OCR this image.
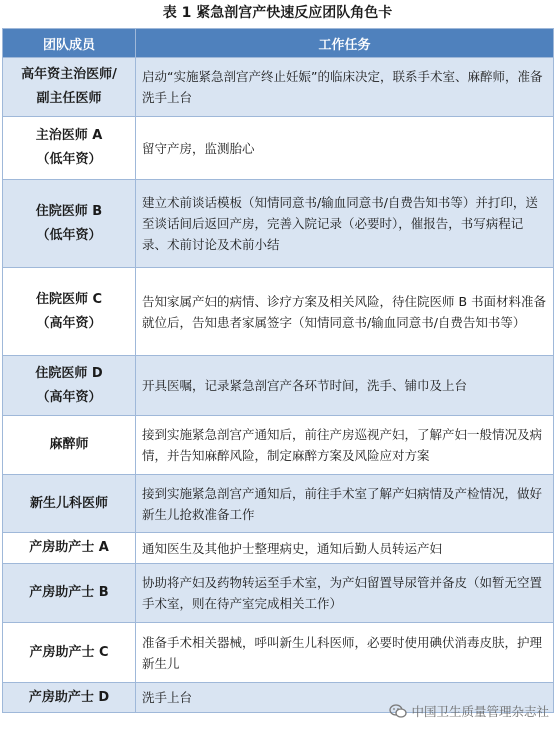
表 1 紧急剖宫产快速反应团队角色卡
团队成员	工作任务

高年资主治医师/
副主任医师	启动“实施紧急剖宫产终止妊娠”的临床决定，联系手术室、麻醉师，准备洗手上台

主治医师 A
（低年资）	留守产房，监测胎心

住院医师 B
（低年资）	建立术前谈话模板（知情同意书/输血同意书/自费告知书等）并打印，送至谈话间后返回产房，完善入院记录（必要时），催报告，书写病程记录、术前讨论及术前小结

住院医师 C
（高年资）	告知家属产妇的病情、诊疗方案及相关风险，待住院医师 B 书面材料准备就位后，告知患者家属签字（知情同意书/输血同意书/自费告知书等）

住院医师 D
（高年资）	开具医嘱，记录紧急剖宫产各环节时间，洗手、铺巾及上台

麻醉师	接到实施紧急剖宫产通知后，前往产房巡视产妇，了解产妇一般情况及病情，并告知麻醉风险，制定麻醉方案及风险应对方案

新生儿科医师	接到实施紧急剖宫产通知后，前往手术室了解产妇病情及产检情况，做好新生儿抢救准备工作

产房助产士 A	通知医生及其他护士整理病史，通知后勤人员转运产妇

产房助产士 B	协助将产妇及药物转运至手术室，为产妇留置导尿管并备皮（如暂无空置手术室，则在待产室完成相关工作）

产房助产士 C	准备手术相关器械，呼叫新生儿科医师，必要时使用碘伏消毒皮肤，护理新生儿

产房助产士 D	洗手上台
中国卫生质量管理杂志社
